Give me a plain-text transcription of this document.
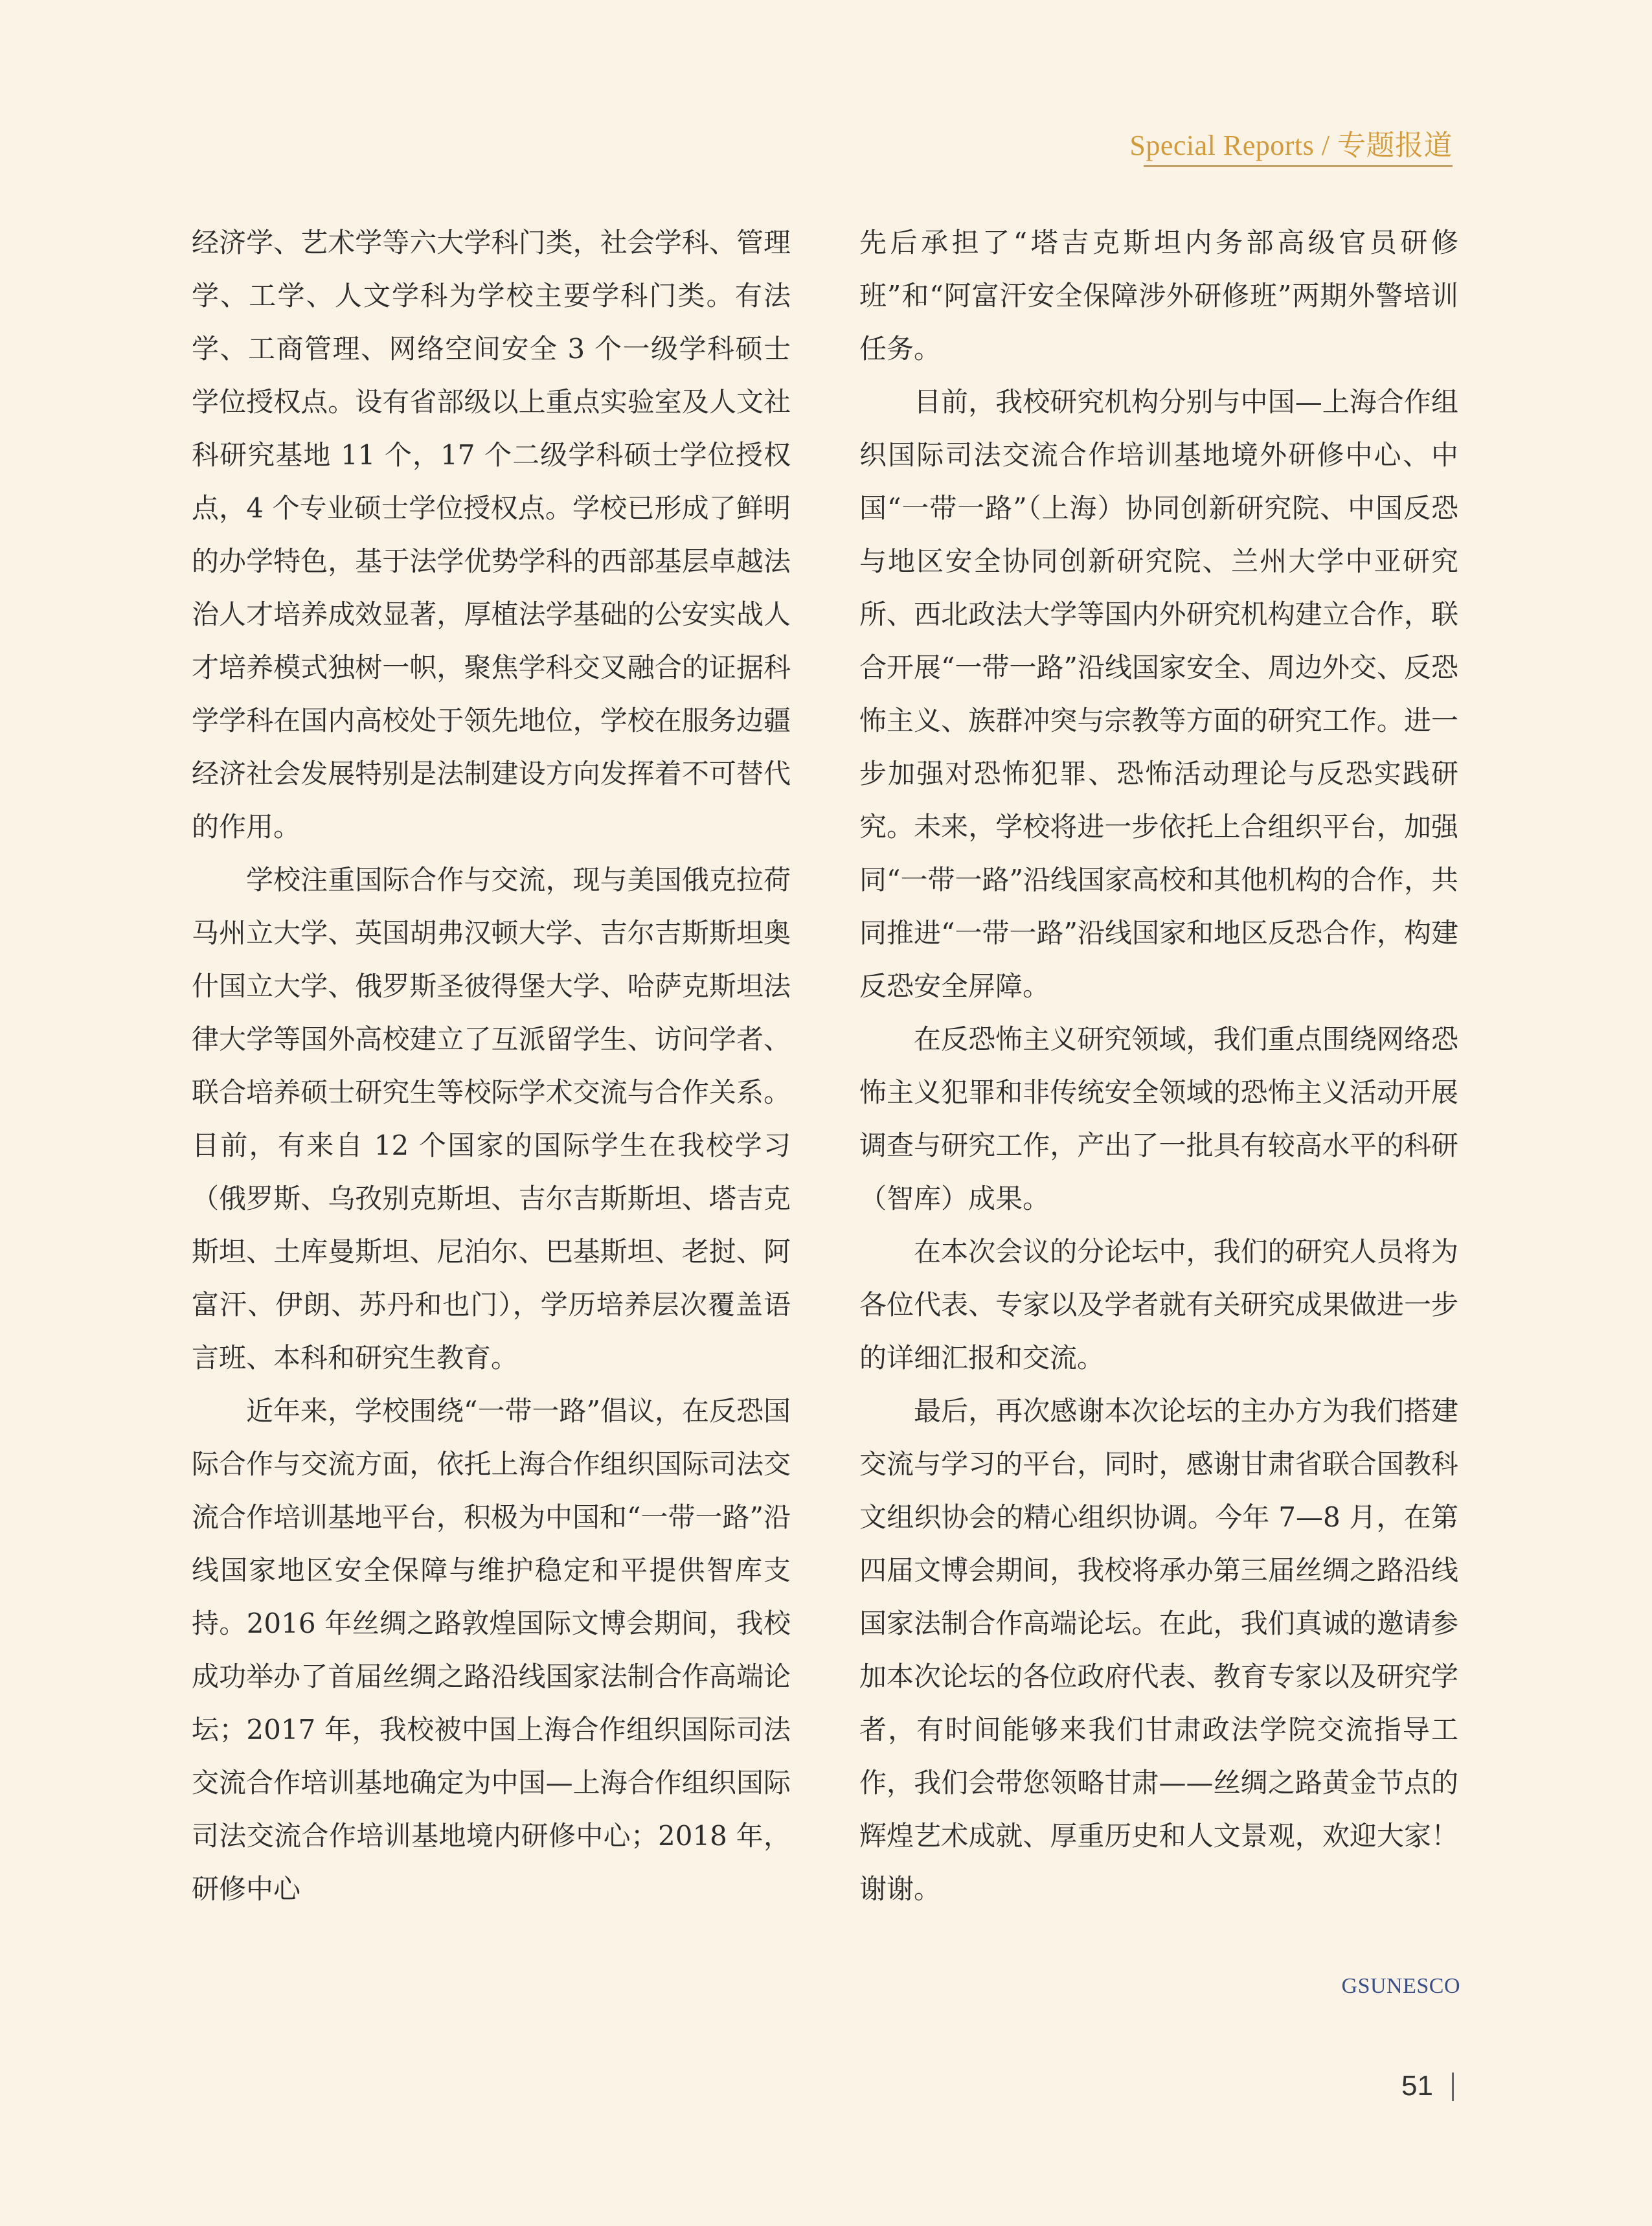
Special Reports / 专题报道

经济学、艺术学等六大学科门类，社会学科、管理学、工学、人文学科为学校主要学科门类。有法学、工商管理、网络空间安全 3 个一级学科硕士学位授权点。设有省部级以上重点实验室及人文社科研究基地 11 个，17 个二级学科硕士学位授权点，4 个专业硕士学位授权点。学校已形成了鲜明的办学特色，基于法学优势学科的西部基层卓越法治人才培养成效显著，厚植法学基础的公安实战人才培养模式独树一帜，聚焦学科交叉融合的证据科学学科在国内高校处于领先地位，学校在服务边疆经济社会发展特别是法制建设方向发挥着不可替代的作用。

学校注重国际合作与交流，现与美国俄克拉荷马州立大学、英国胡弗汉顿大学、吉尔吉斯斯坦奥什国立大学、俄罗斯圣彼得堡大学、哈萨克斯坦法律大学等国外高校建立了互派留学生、访问学者、联合培养硕士研究生等校际学术交流与合作关系。目前，有来自 12 个国家的国际学生在我校学习（俄罗斯、乌孜别克斯坦、吉尔吉斯斯坦、塔吉克斯坦、土库曼斯坦、尼泊尔、巴基斯坦、老挝、阿富汗、伊朗、苏丹和也门），学历培养层次覆盖语言班、本科和研究生教育。

近年来，学校围绕“一带一路”倡议，在反恐国际合作与交流方面，依托上海合作组织国际司法交流合作培训基地平台，积极为中国和“一带一路”沿线国家地区安全保障与维护稳定和平提供智库支持。2016 年丝绸之路敦煌国际文博会期间，我校成功举办了首届丝绸之路沿线国家法制合作高端论坛；2017 年，我校被中国上海合作组织国际司法交流合作培训基地确定为中国—上海合作组织国际司法交流合作培训基地境内研修中心；2018 年，研修中心

先后承担了“塔吉克斯坦内务部高级官员研修班”和“阿富汗安全保障涉外研修班”两期外警培训任务。

目前，我校研究机构分别与中国—上海合作组织国际司法交流合作培训基地境外研修中心、中国“一带一路”（上海）协同创新研究院、中国反恐与地区安全协同创新研究院、兰州大学中亚研究所、西北政法大学等国内外研究机构建立合作，联合开展“一带一路”沿线国家安全、周边外交、反恐怖主义、族群冲突与宗教等方面的研究工作。进一步加强对恐怖犯罪、恐怖活动理论与反恐实践研究。未来，学校将进一步依托上合组织平台，加强同“一带一路”沿线国家高校和其他机构的合作，共同推进“一带一路”沿线国家和地区反恐合作，构建反恐安全屏障。

在反恐怖主义研究领域，我们重点围绕网络恐怖主义犯罪和非传统安全领域的恐怖主义活动开展调查与研究工作，产出了一批具有较高水平的科研（智库）成果。

在本次会议的分论坛中，我们的研究人员将为各位代表、专家以及学者就有关研究成果做进一步的详细汇报和交流。

最后，再次感谢本次论坛的主办方为我们搭建交流与学习的平台，同时，感谢甘肃省联合国教科文组织协会的精心组织协调。今年 7—8 月，在第四届文博会期间，我校将承办第三届丝绸之路沿线国家法制合作高端论坛。在此，我们真诚的邀请参加本次论坛的各位政府代表、教育专家以及研究学者，有时间能够来我们甘肃政法学院交流指导工作，我们会带您领略甘肃——丝绸之路黄金节点的辉煌艺术成就、厚重历史和人文景观，欢迎大家！谢谢。

GSUNESCO
51
